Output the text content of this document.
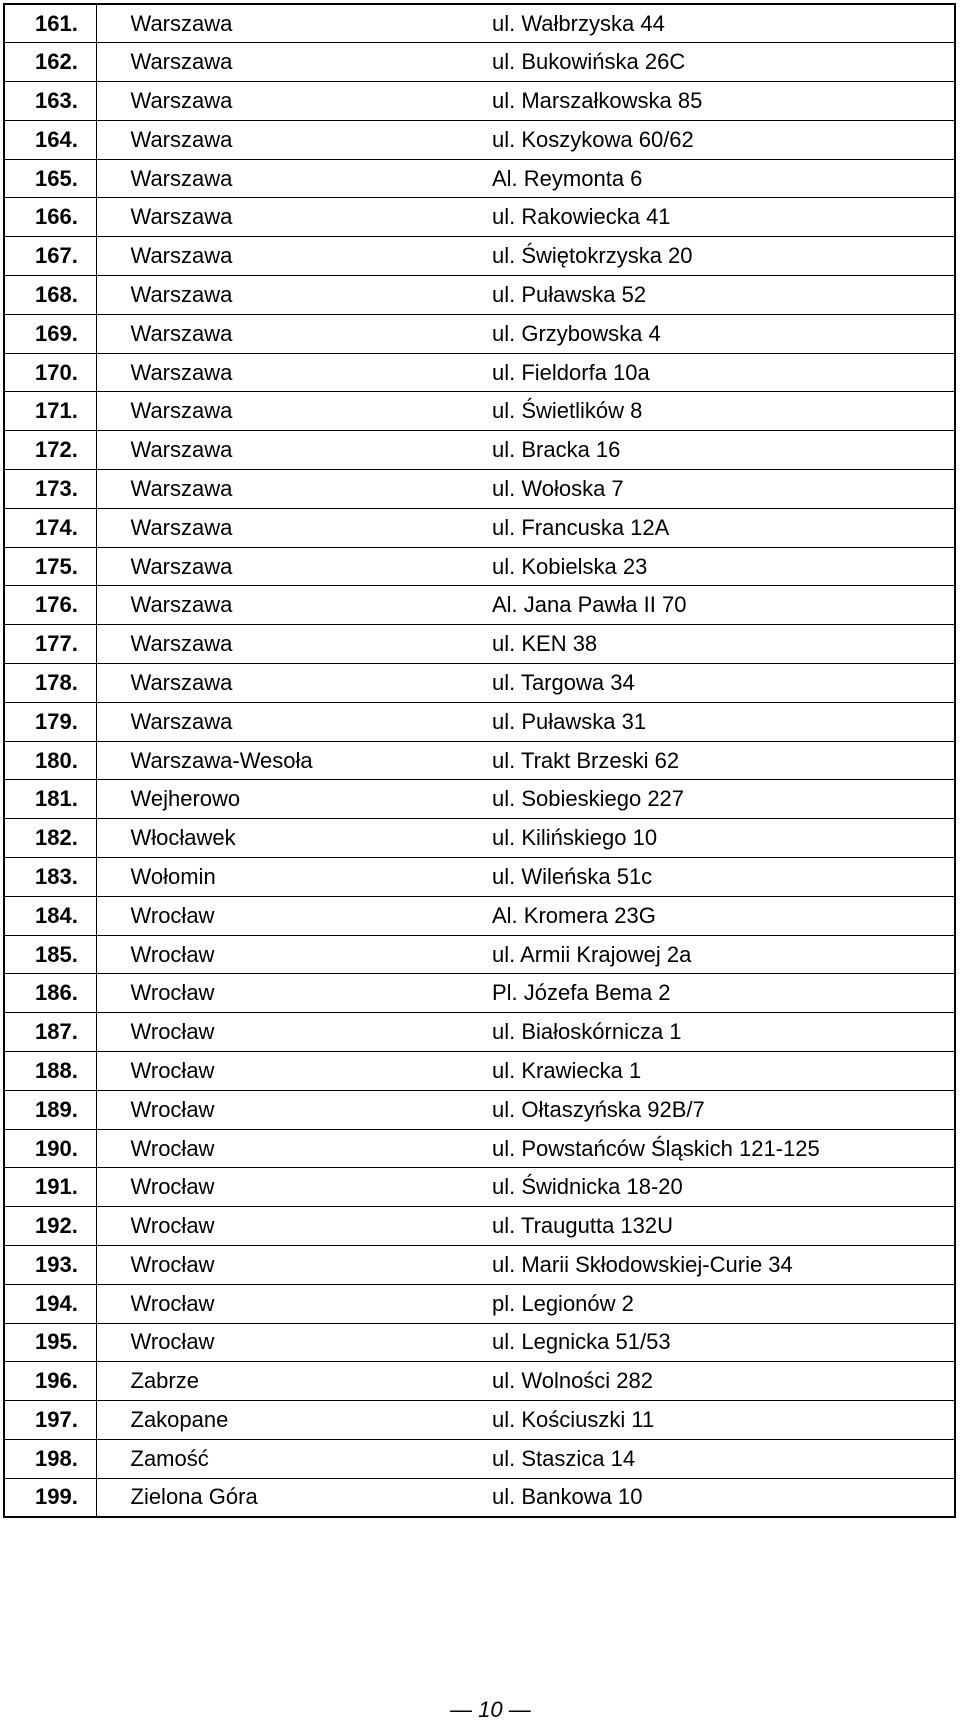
161.	Warszawa	ul. Wałbrzyska 44
162.	Warszawa	ul. Bukowińska 26C
163.	Warszawa	ul. Marszałkowska 85
164.	Warszawa	ul. Koszykowa 60/62
165.	Warszawa	Al. Reymonta 6
166.	Warszawa	ul. Rakowiecka 41
167.	Warszawa	ul. Świętokrzyska 20
168.	Warszawa	ul. Puławska 52
169.	Warszawa	ul. Grzybowska 4
170.	Warszawa	ul. Fieldorfa 10a
171.	Warszawa	ul. Świetlików 8
172.	Warszawa	ul. Bracka 16
173.	Warszawa	ul. Wołoska 7
174.	Warszawa	ul. Francuska 12A
175.	Warszawa	ul. Kobielska 23
176.	Warszawa	Al. Jana Pawła II 70
177.	Warszawa	ul. KEN 38
178.	Warszawa	ul. Targowa 34
179.	Warszawa	ul. Puławska 31
180.	Warszawa-Wesoła	ul. Trakt Brzeski 62
181.	Wejherowo	ul. Sobieskiego 227
182.	Włocławek	ul. Kilińskiego 10
183.	Wołomin	ul. Wileńska 51c
184.	Wrocław	Al. Kromera 23G
185.	Wrocław	ul. Armii Krajowej 2a
186.	Wrocław	Pl. Józefa Bema 2
187.	Wrocław	ul. Białoskórnicza 1
188.	Wrocław	ul. Krawiecka 1
189.	Wrocław	ul. Ołtaszyńska 92B/7
190.	Wrocław	ul. Powstańców Śląskich 121-125
191.	Wrocław	ul. Świdnicka 18-20
192.	Wrocław	ul. Traugutta 132U
193.	Wrocław	ul. Marii Skłodowskiej-Curie 34
194.	Wrocław	pl. Legionów 2
195.	Wrocław	ul. Legnicka 51/53
196.	Zabrze	ul. Wolności 282
197.	Zakopane	ul. Kościuszki 11
198.	Zamość	ul. Staszica 14
199.	Zielona Góra	ul. Bankowa 10
— 10 —
